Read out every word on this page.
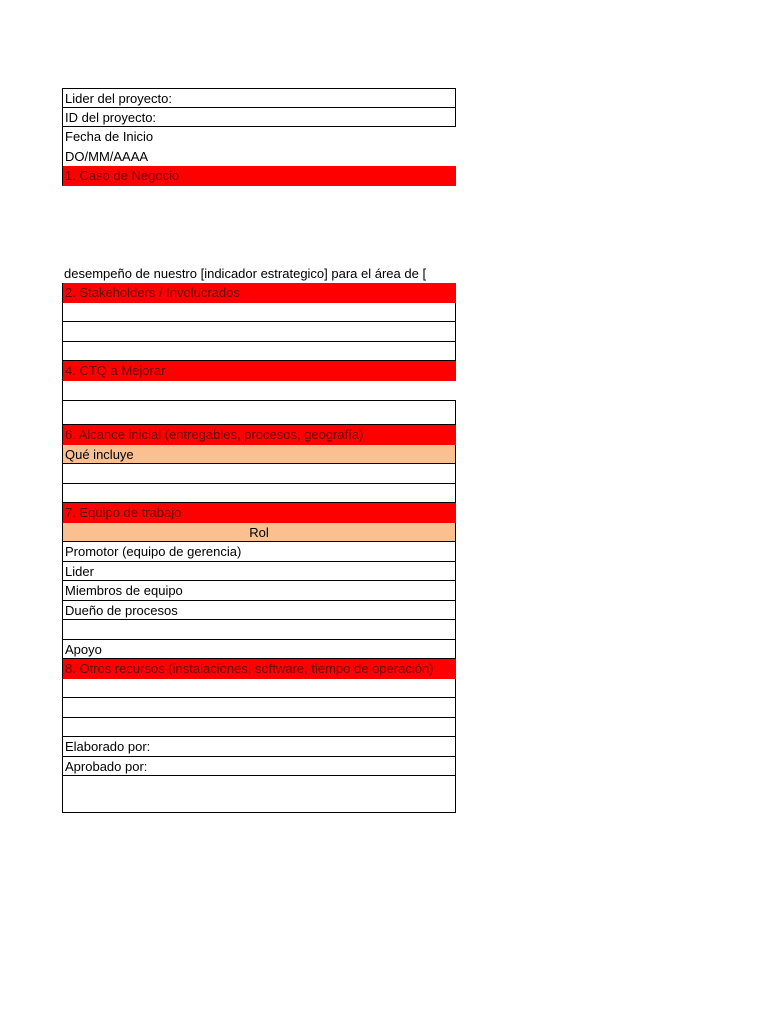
Lider del proyecto:
ID del proyecto:
Fecha de Inicio
DO/MM/AAAA
1. Caso de Negocio
desempeño de nuestro [indicador estrategico] para el área de [
2. Stakeholders / Involucrados
4. CTQ a Mejorar
6. Alcance inicial (entregables, procesos, geografía)
Qué incluye
7. Equipo de trabajo
Rol
Promotor (equipo de gerencia)
Lider
Miembros de equipo
Dueño de procesos
Apoyo
8. Otros recursos (instalaciones, software, tiempo de operación)
Elaborado por:
Aprobado por:
